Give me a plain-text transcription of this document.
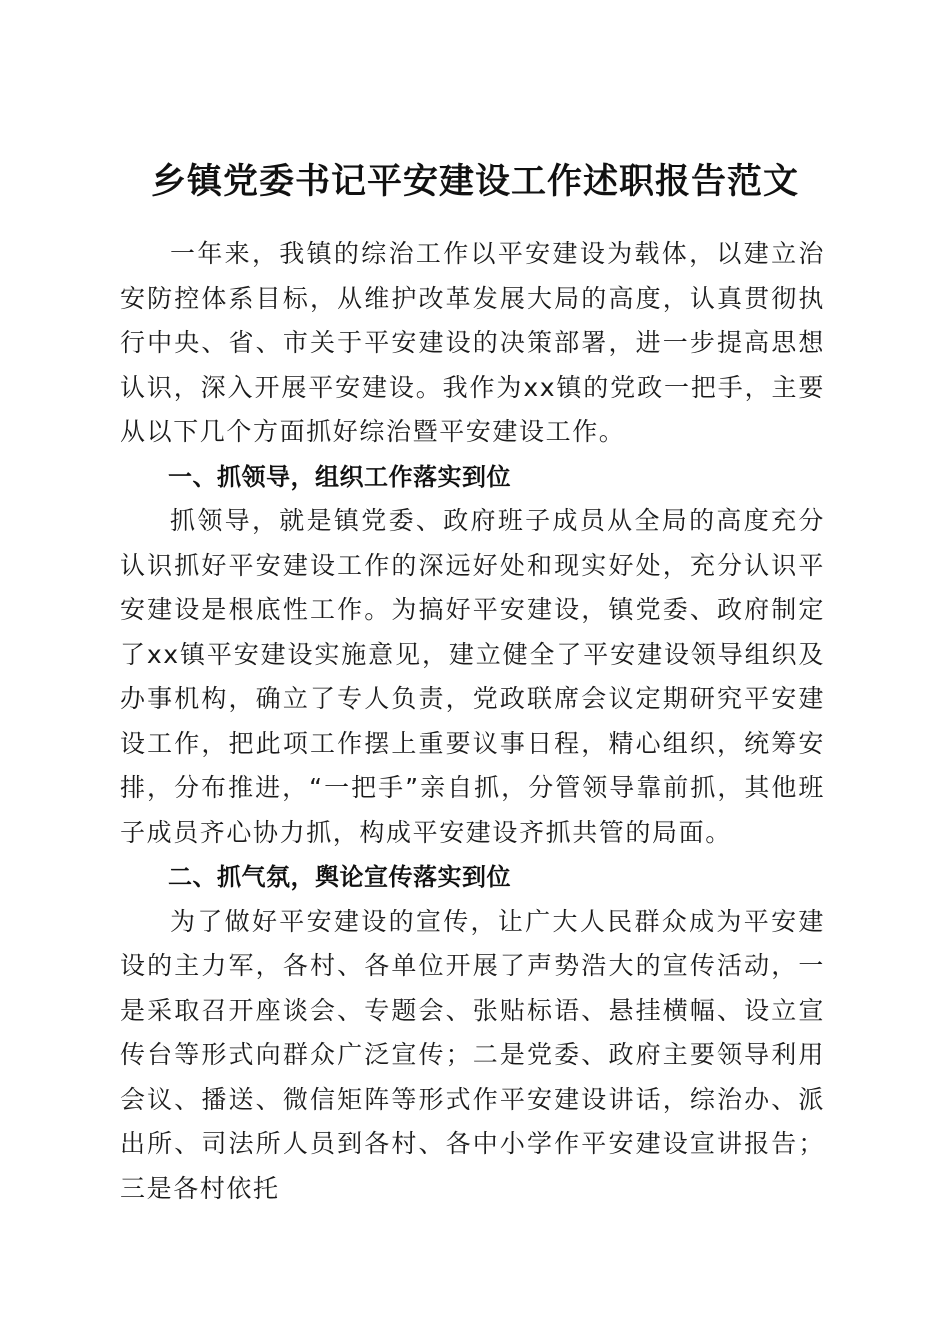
乡镇党委书记平安建设工作述职报告范文

一年来，我镇的综治工作以平安建设为载体，以建立治安防控体系目标，从维护改革发展大局的高度，认真贯彻执行中央、省、市关于平安建设的决策部署，进一步提高思想认识，深入开展平安建设。我作为xx镇的党政一把手，主要从以下几个方面抓好综治暨平安建设工作。

一、抓领导，组织工作落实到位

抓领导，就是镇党委、政府班子成员从全局的高度充分认识抓好平安建设工作的深远好处和现实好处，充分认识平安建设是根底性工作。为搞好平安建设，镇党委、政府制定了xx镇平安建设实施意见，建立健全了平安建设领导组织及办事机构，确立了专人负责，党政联席会议定期研究平安建设工作，把此项工作摆上重要议事日程，精心组织，统筹安排，分布推进，“一把手”亲自抓，分管领导靠前抓，其他班子成员齐心协力抓，构成平安建设齐抓共管的局面。

二、抓气氛，舆论宣传落实到位

为了做好平安建设的宣传，让广大人民群众成为平安建设的主力军，各村、各单位开展了声势浩大的宣传活动，一是采取召开座谈会、专题会、张贴标语、悬挂横幅、设立宣传台等形式向群众广泛宣传；二是党委、政府主要领导利用会议、播送、微信矩阵等形式作平安建设讲话，综治办、派出所、司法所人员到各村、各中小学作平安建设宣讲报告；三是各村依托
